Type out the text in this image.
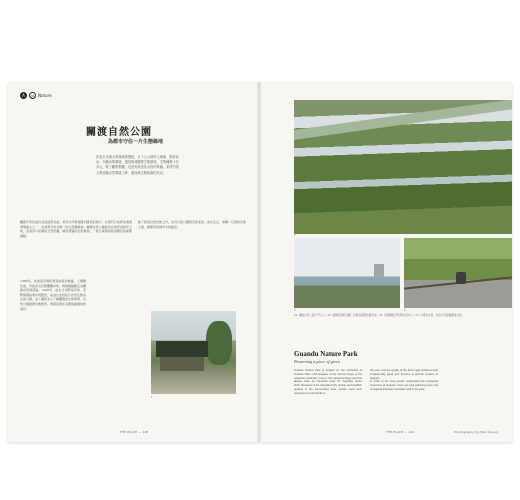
A	01 Nature
關渡自然公園
為都市守住一片生態綠地

作為台北最大的濕地保護區，五十七公頃的土地裡，除有淡水、半鹹水的環境，還因與周圍等生態環境，生物種類十分多元，除了觀察景觀，也是有候鳥及水鳥的家園。希望引領人們認識自然環境之餘，進而與生態和諧的共存。

關渡平原位處台北盆地西北處，是淡水河與基隆河匯流的地方，自清代以來即為農業發展重心之一，也是現今台北唯一的大面積濕地。關渡自然公園的所在地原為稻作之地，因為河口淤積的天然泥灘，擁有豐富的生態資源，一直以來都是候鳥棲息的重要據點。

除了欣賞自然生態之外，也可以到公園附近的北投、淡水走走，串聯一日遊的生態之旅，輕鬆享受城市中的綠意。

1986年，此處因河道拓寬造成海水倒灌，土壤鹽化後，市政府及民間團體爭取，將保護區劃定為關渡自然保留區。1996年，由台北市野鳥學會、荒野保護協會共同經營，成為台北首座以自然生態為主的公園。為了讓更多人了解關渡的生態資源，自然公園推廣生態教育，帶領民眾在這裡認識濕地的美好。

1
THE PLACE — 148
2
3	4

01. 關渡自然公園大門入口。02. 廣闊的濕地景觀，是候鳥重要的棲息地。03. 遠望關渡平原與淡水河口。04. 木棧道步道，遊客可近距離觀察生態。

Guandu Nature Park
Preserving a piece of green

Guandu Nature Park is located on the northwest of Guandu Plain, and because of the natural shape of the estuarine wetlands, it has a rich natural ecology and has always been an important base for migrating winter birds. Because of the abundant fish, shrimp and shellfish species in the surrounding area, people used such resources to feed ducks in

the past, and the quality of the duck eggs produced was exceptionally good and became a special product of Guandu.
In order to let more people understand the ecological resources of Guandu, there are bird-watching tours and ecological education activities held in the park.
THE PLACE — 149	Photography by Hsin Kuang
